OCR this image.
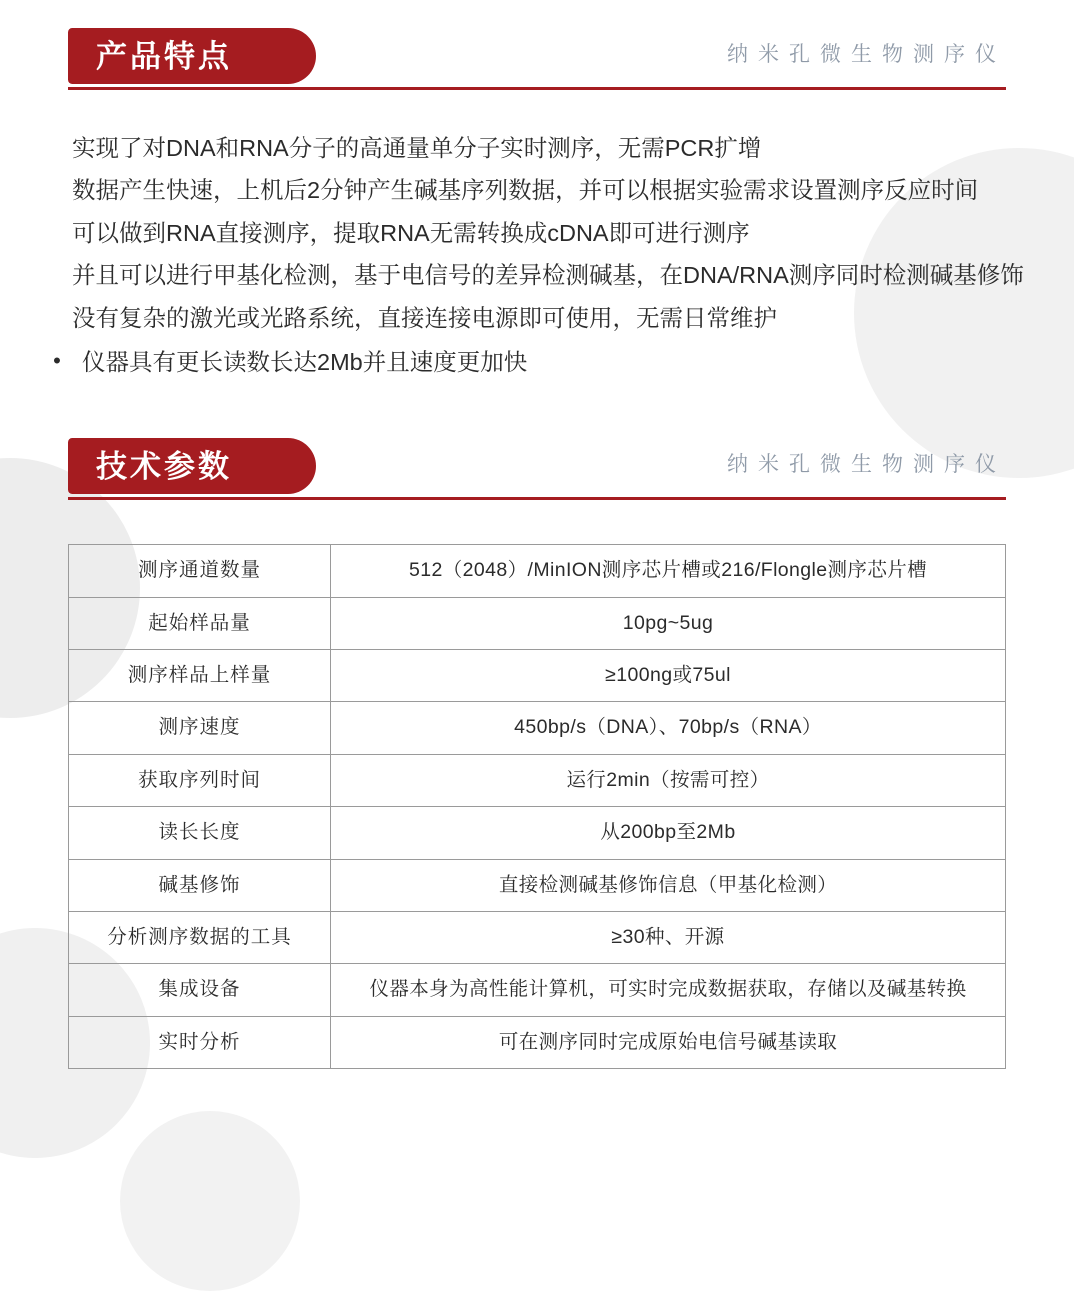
产品特点	纳米孔微生物测序仪

实现了对DNA和RNA分子的高通量单分子实时测序，无需PCR扩增

数据产生快速，上机后2分钟产生碱基序列数据，并可以根据实验需求设置测序反应时间

可以做到RNA直接测序，提取RNA无需转换成cDNA即可进行测序

并且可以进行甲基化检测，基于电信号的差异检测碱基，在DNA/RNA测序同时检测碱基修饰

没有复杂的激光或光路系统，直接连接电源即可使用，无需日常维护

• 仪器具有更长读数长达2Mb并且速度更加快
技术参数	纳米孔微生物测序仪
测序通道数量	512（2048）/MinION测序芯片槽或216/Flongle测序芯片槽
起始样品量	10pg~5ug
测序样品上样量	≥100ng或75ul
测序速度	450bp/s（DNA）、70bp/s（RNA）
获取序列时间	运行2min（按需可控）
读长长度	从200bp至2Mb
碱基修饰	直接检测碱基修饰信息（甲基化检测）
分析测序数据的工具	≥30种、开源
集成设备	仪器本身为高性能计算机，可实时完成数据获取，存储以及碱基转换
实时分析	可在测序同时完成原始电信号碱基读取
